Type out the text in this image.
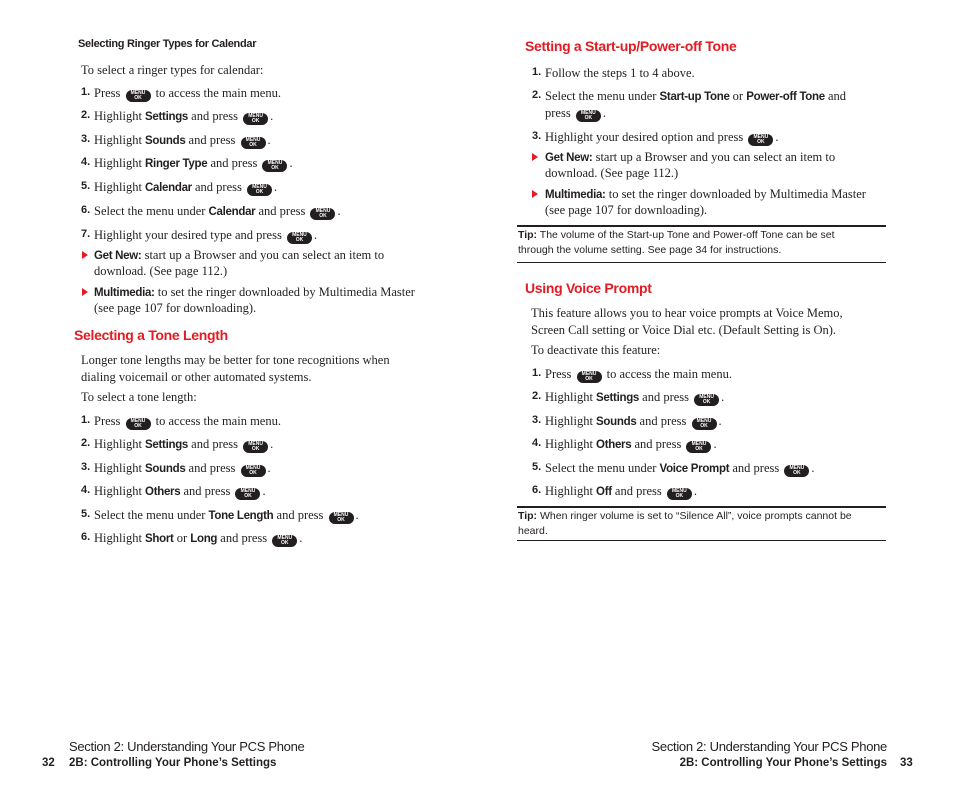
Selecting Ringer Types for Calendar
To select a ringer types for calendar:
1. Press	MENU
OK	to access the main menu.
2. Highlight Settings and press	MENU
OK .
3. Highlight Sounds and press	MENU
OK .
4. Highlight Ringer Type and press	MENU
OK .
5. Highlight Calendar and press	MENU
OK .
6. Select the menu under Calendar and press	MENU
OK .
7. Highlight your desired type and press	MENU
OK .
Get New: start up a Browser and you can select an item to
download. (See page 112.)
Multimedia: to set the ringer downloaded by Multimedia Master
(see page 107 for downloading).
Selecting a Tone Length
Longer tone lengths may be better for tone recognitions when
dialing voicemail or other automated systems.
To select a tone length:
1. Press	MENU
OK	to access the main menu.
2. Highlight Settings and press	MENU
OK .
3. Highlight Sounds and press	MENU
OK .
4. Highlight Others and press	MENU
OK .
5. Select the menu under Tone Length and press	MENU
OK .
6. Highlight Short or Long and press	MENU
OK .
Section 2: Understanding Your PCS Phone
32 2B: Controlling Your Phone’s Settings
Setting a Start-up/Power-off Tone
1. Follow the steps 1 to 4 above.
2. Select the menu under Start-up Tone or Power-off Tone and
press	MENU
OK .
3. Highlight your desired option and press	MENU
OK .
Get New: start up a Browser and you can select an item to
download. (See page 112.)
Multimedia: to set the ringer downloaded by Multimedia Master
(see page 107 for downloading).
Tip: The volume of the Start-up Tone and Power-off Tone can be set
through the volume setting. See page 34 for instructions.
Using Voice Prompt
This feature allows you to hear voice prompts at Voice Memo,
Screen Call setting or Voice Dial etc. (Default Setting is On).
To deactivate this feature:
1. Press	MENU
OK	to access the main menu.
2. Highlight Settings and press	MENU
OK .
3. Highlight Sounds and press	MENU
OK .
4. Highlight Others and press	MENU
OK .
5. Select the menu under Voice Prompt and press	MENU
OK .
6. Highlight Off and press	MENU
OK .
Tip: When ringer volume is set to “Silence All”, voice prompts cannot be
heard.
Section 2: Understanding Your PCS Phone
2B: Controlling Your Phone’s Settings 33
